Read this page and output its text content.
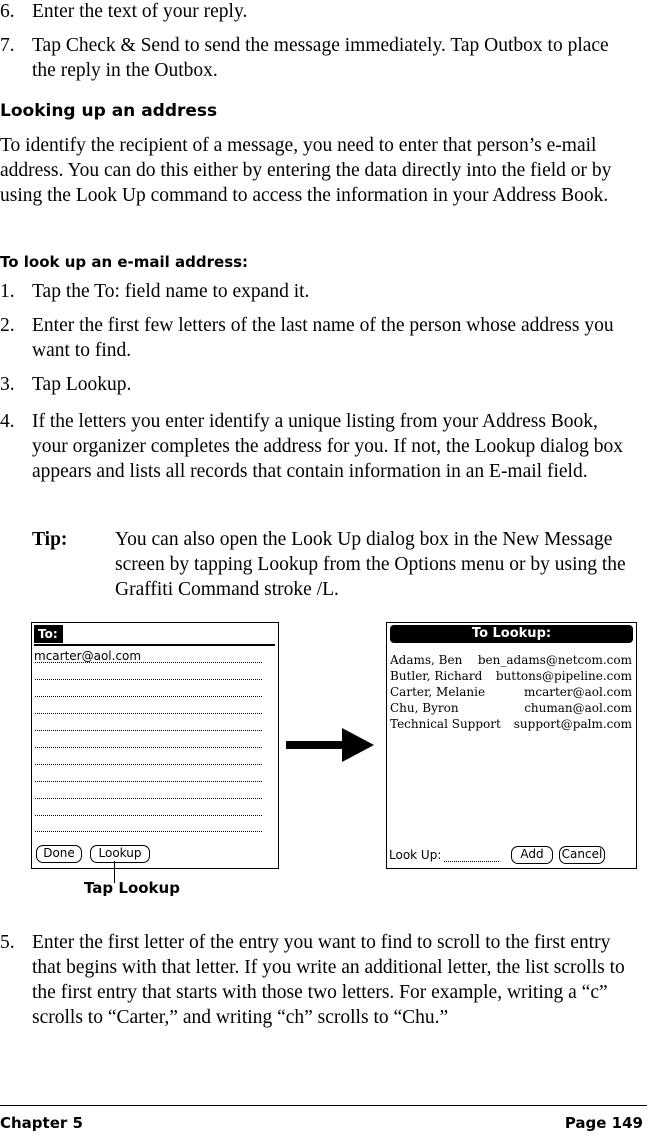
6. Enter the text of your reply.
7. Tap Check & Send to send the message immediately. Tap Outbox to place the reply in the Outbox.
Looking up an address
To identify the recipient of a message, you need to enter that person’s e-mail address. You can do this either by entering the data directly into the field or by using the Look Up command to access the information in your Address Book.
To look up an e-mail address:
1. Tap the To: field name to expand it.
2. Enter the first few letters of the last name of the person whose address you want to find.
3. Tap Lookup.
4. If the letters you enter identify a unique listing from your Address Book, your organizer completes the address for you. If not, the Lookup dialog box appears and lists all records that contain information in an E-mail field.
Tip: You can also open the Look Up dialog box in the New Message screen by tapping Lookup from the Options menu or by using the Graffiti Command stroke /L.
To:
mcarter@aol.com
Done	Lookup
Tap Lookup
To Lookup:
Look Up:	Add	Cancel
Adams, Ben ben_adams@netcom.com
Butler, Richard buttons@pipeline.com
Carter, Melanie	mcarter@aol.com
Chu, Byron	chuman@aol.com
Technical Support support@palm.com
5. Enter the first letter of the entry you want to find to scroll to the first entry that begins with that letter. If you write an additional letter, the list scrolls to the first entry that starts with those two letters. For example, writing a “c” scrolls to “Carter,” and writing “ch” scrolls to “Chu.”
Chapter 5	Page 149
